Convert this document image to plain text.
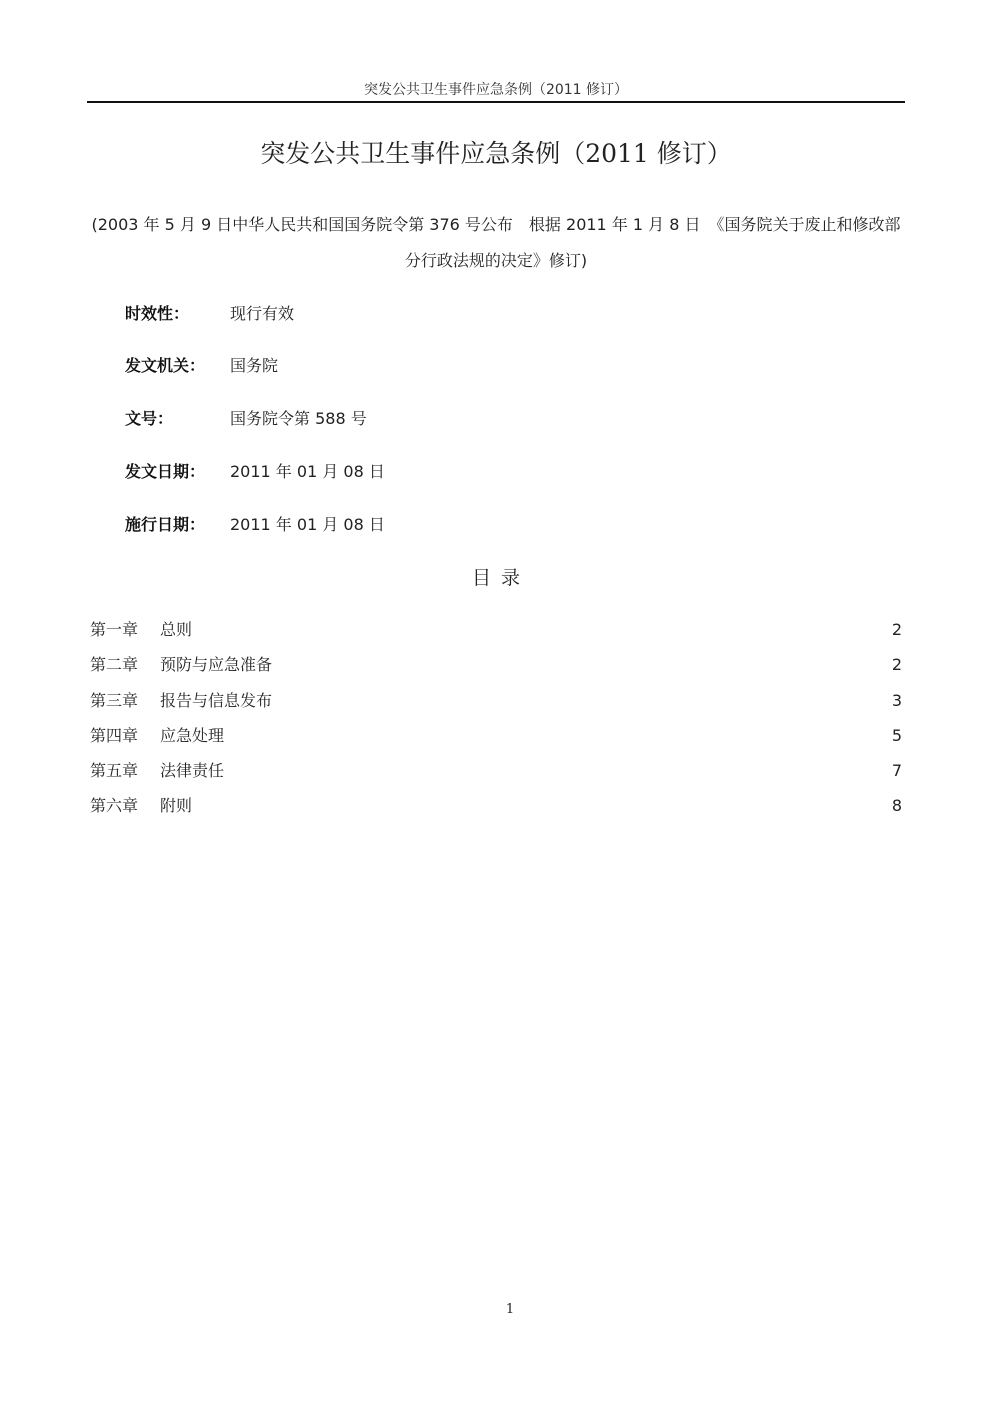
突发公共卫生事件应急条例（2011 修订）
突发公共卫生事件应急条例（2011 修订）
(2003 年 5 月 9 日中华人民共和国国务院令第 376 号公布　根据 2011 年 1 月 8 日　《国务院关于废止和修改部分行政法规的决定》修订)
时效性：	现行有效
发文机关： 国务院
文号：	国务院令第 588 号
发文日期： 2011 年 01 月 08 日
施行日期： 2011 年 01 月 08 日
目录
第一章 总则	2
第二章 预防与应急准备	2
第三章 报告与信息发布	3
第四章 应急处理	5
第五章 法律责任	7
第六章 附则	8
1
